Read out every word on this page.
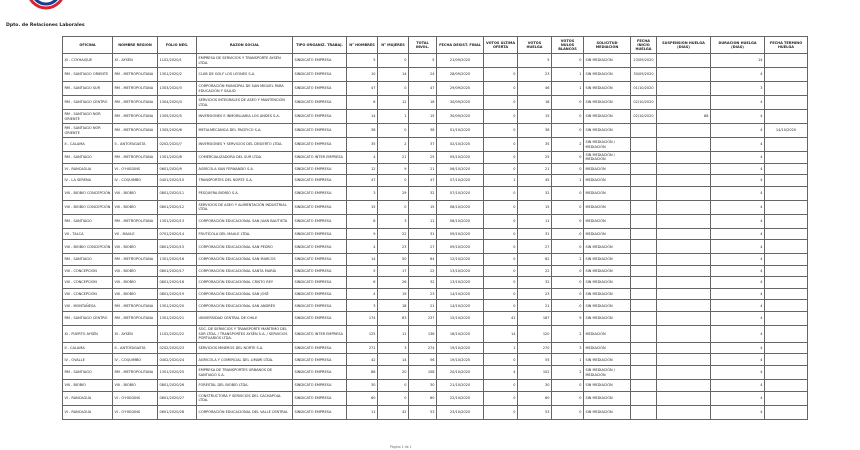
Dpto. de Relaciones Laborales
OFICINA	NOMBRE REGION	FOLIO NEG.	RAZON SOCIAL	TIPO ORGANIZ. TRABAJ.	N° HOMBRES	N° MUJERES	TOTAL INVOL.	FECHA DESIST. FINAL	VOTOS ÚLTIMA OFERTA	VOTOS HUELGA	VOTOS NULOS BLANCOS	SOLICITUD MEDIACION	FECHA INICIO HUELGA	SUSPENSION HUELGA (DIAS)	DURACION HUELGA (DIAS)	FECHA TERMINO HUELGA
XI - COYHAIQUE	XI - AYSÉN	1102/2020/1	EMPRESA DE SERVICIOS Y TRANSPORTE AYSÉN LTDA.	SINDICATO EMPRESA	5	0	5	21/09/2020		5	0	SIN MEDIACIÓN	23/09/2020		14	
RM - SANTIAGO ORIENTE	RM - METROPOLITANA	1301/2020/2	CLUB DE GOLF LOS LEONES S.A.	SINDICATO EMPRESA	10	14	24	28/09/2020	0	23	1	SIN MEDIACIÓN	30/09/2020		4	
RM - SANTIAGO SUR	RM - METROPOLITANA	1303/2020/3	CORPORACIÓN MUNICIPAL DE SAN MIGUEL PARA EDUCACIÓN Y SALUD	SINDICATO EMPRESA	47	0	47	29/09/2020	0	46	1	SIN MEDIACIÓN	01/10/2020		3	
RM - SANTIAGO CENTRO	RM - METROPOLITANA	1304/2020/4	SERVICIOS INTEGRALES DE ASEO Y MANTENCIÓN LTDA.	SINDICATO EMPRESA	6	12	18	30/09/2020	0	18	0	SIN MEDIACIÓN	02/10/2020		4	
RM - SANTIAGO NOR ORIENTE	RM - METROPOLITANA	1305/2020/5	INVERSIONES E INMOBILIARIA LOS ANDES S.A.	SINDICATO EMPRESA	14	1	15	30/09/2020	0	15	0	SIN MEDIACIÓN	02/10/2020	88	4	
RM - SANTIAGO NOR ORIENTE	RM - METROPOLITANA	1305/2020/6	METALMECÁNICA DEL PACÍFICO S.A.	SINDICATO EMPRESA	38	0	38	01/10/2020	0	38	0	SIN MEDIACIÓN			4	14/10/2020
II - CALAMA	II - ANTOFAGASTA	0202/2020/7	INVERSIONES Y SERVICIOS DEL DESIERTO LTDA.	SINDICATO EMPRESA	35	2	37	02/10/2020	0	35	2	SIN MEDIACIÓN / MEDIACIÓN			4	
RM - SANTIAGO	RM - METROPOLITANA	1301/2020/8	COMERCIALIZADORA DEL SUR LTDA.	SINDICATO INTER EMPRESA	4	21	25	05/10/2020	0	25	0	SIN MEDIACIÓN / MEDIACIÓN			4	
VI - RANCAGUA	VI - O'HIGGINS	0601/2020/9	AGRÍCOLA SAN FERNANDO S.A.	SINDICATO EMPRESA	12	9	21	06/10/2020	0	21	0	MEDIACIÓN			4	
IV - LA SERENA	IV - COQUIMBO	0401/2020/10	TRANSPORTES DEL NORTE S.A.	SINDICATO EMPRESA	47	0	47	07/10/2020	1	45	1	MEDIACIÓN			4	
VIII - BIOBIO CONCEPCIÓN	VIII - BIOBÍO	0801/2020/11	PESQUERA BIOBÍO S.A.	SINDICATO EMPRESA	3	29	32	07/10/2020	0	32	0	MEDIACIÓN			4	
VIII - BIOBIO CONCEPCIÓN	VIII - BIOBÍO	0801/2020/12	SERVICIOS DE ASEO Y ALIMENTACIÓN INDUSTRIAL LTDA.	SINDICATO EMPRESA	15	0	15	08/10/2020	0	15	0	MEDIACIÓN			4	
RM - SANTIAGO	RM - METROPOLITANA	1301/2020/13	CORPORACIÓN EDUCACIONAL SAN JUAN BAUTISTA	SINDICATO EMPRESA	8	3	11	08/10/2020	0	11	0	MEDIACIÓN			4	
VII - TALCA	VII - MAULE	0701/2020/14	FRUTÍCOLA DEL MAULE LTDA.	SINDICATO EMPRESA	9	22	31	09/10/2020	0	31	0	MEDIACIÓN			4	
VIII - BIOBIO CONCEPCIÓN	VIII - BIOBÍO	0801/2020/15	CORPORACIÓN EDUCACIONAL SAN PEDRO	SINDICATO EMPRESA	4	23	27	09/10/2020	0	27	0	SIN MEDIACIÓN			4	
RM - SANTIAGO	RM - METROPOLITANA	1301/2020/16	CORPORACIÓN EDUCACIONAL SAN MARCOS	SINDICATO EMPRESA	14	50	64	12/10/2020	0	62	2	SIN MEDIACIÓN			4	
VIII - CONCEPCIÓN	VIII - BIOBÍO	0801/2020/17	CORPORACIÓN EDUCACIONAL SANTA MARÍA	SINDICATO EMPRESA	5	17	22	13/10/2020	0	22	0	SIN MEDIACIÓN			4	
VIII - CONCEPCIÓN	VIII - BIOBÍO	0801/2020/18	CORPORACIÓN EDUCACIONAL CRISTO REY	SINDICATO EMPRESA	6	26	32	13/10/2020	0	32	0	SIN MEDIACIÓN			4	
VIII - CONCEPCIÓN	VIII - BIOBÍO	0801/2020/19	CORPORACIÓN EDUCACIONAL SAN JOSÉ	SINDICATO EMPRESA	4	19	23	14/10/2020	0	23	0	SIN MEDIACIÓN			4	
VIII - MONTAÑESA	RM - METROPOLITANA	1301/2020/20	CORPORACIÓN EDUCACIONAL SAN ANDRÉS	SINDICATO EMPRESA	3	18	21	14/10/2020	0	21	0	SIN MEDIACIÓN			4	
RM - SANTIAGO CENTRO	RM - METROPOLITANA	1301/2020/21	UNIVERSIDAD CENTRAL DE CHILE	SINDICATO EMPRESA	174	63	237	15/10/2020	41	187	9	SIN MEDIACIÓN			4	
XI - PUERTO AYSÉN	XI - AYSÉN	1102/2020/22	SOC. DE SERVICIOS Y TRANSPORTE MARÍTIMO DEL SUR LTDA. / TRANSPORTES AYSÉN S.A. / SERVICIOS PORTUARIOS LTDA.	SINDICATO INTER EMPRESA	125	11	136	16/10/2020	14	120	2	MEDIACIÓN			4	
II - CALAMA	II - ANTOFAGASTA	0202/2020/23	SERVICIOS MINEROS DEL NORTE S.A.	SINDICATO EMPRESA	271	3	274	19/10/2020	1	270	3	MEDIACIÓN			4	
IV - OVALLE	IV - COQUIMBO	0402/2020/24	AGRÍCOLA Y COMERCIAL DEL LIMARÍ LTDA.	SINDICATO EMPRESA	42	14	56	19/10/2020	0	55	1	SIN MEDIACIÓN			4	
RM - SANTIAGO	RM - METROPOLITANA	1301/2020/25	EMPRESA DE TRANSPORTES URBANOS DE SANTIAGO S.A.	SINDICATO EMPRESA	88	20	108	20/10/2020	4	102	2	SIN MEDIACIÓN / MEDIACIÓN			4	
VIII - BIOBIO	VIII - BIOBÍO	0801/2020/26	FORESTAL DEL BIOBÍO LTDA.	SINDICATO EMPRESA	30	0	30	21/10/2020	0	30	0	SIN MEDIACIÓN			4	
VI - RANCAGUA	VI - O'HIGGINS	0601/2020/27	CONSTRUCTORA Y SERVICIOS DEL CACHAPOAL LTDA.	SINDICATO EMPRESA	60	0	60	22/10/2020	0	60	0	SIN MEDIACIÓN			4	
VI - RANCAGUA	VI - O'HIGGINS	0601/2020/28	CORPORACIÓN EDUCACIONAL DEL VALLE CENTRAL	SINDICATO EMPRESA	11	42	53	23/10/2020	0	53	0	SIN MEDIACIÓN			4	
Página 1 de 1
